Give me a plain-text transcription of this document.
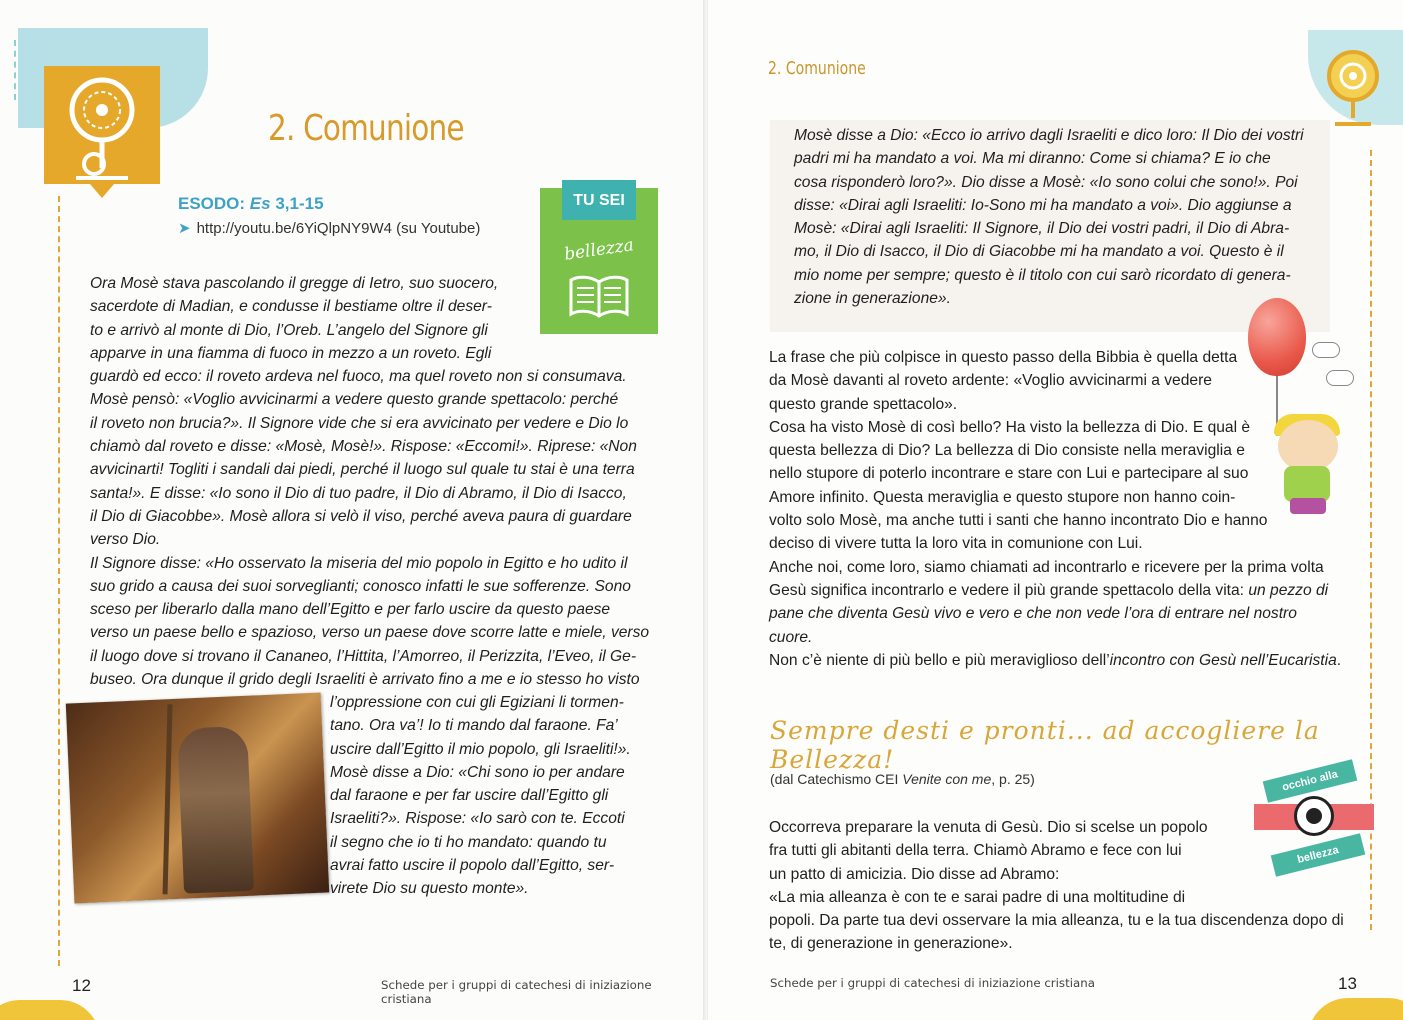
2. Comunione
ESODO: Es 3,1-15
➤ http://youtu.be/6YiQlpNY9W4 (su Youtube)
TU SEI
bellezza

Ora Mosè stava pascolando il gregge di Ietro, suo suocero,

sacerdote di Madian, e condusse il bestiame oltre il deser-

to e arrivò al monte di Dio, l’Oreb. L’angelo del Signore gli

apparve in una fiamma di fuoco in mezzo a un roveto. Egli

guardò ed ecco: il roveto ardeva nel fuoco, ma quel roveto non si consumava.

Mosè pensò: «Voglio avvicinarmi a vedere questo grande spettacolo: perché

il roveto non brucia?». Il Signore vide che si era avvicinato per vedere e Dio lo

chiamò dal roveto e disse: «Mosè, Mosè!». Rispose: «Eccomi!». Riprese: «Non

avvicinarti! Togliti i sandali dai piedi, perché il luogo sul quale tu stai è una terra

santa!». E disse: «Io sono il Dio di tuo padre, il Dio di Abramo, il Dio di Isacco,

il Dio di Giacobbe». Mosè allora si velò il viso, perché aveva paura di guardare

verso Dio.

Il Signore disse: «Ho osservato la miseria del mio popolo in Egitto e ho udito il

suo grido a causa dei suoi sorveglianti; conosco infatti le sue sofferenze. Sono

sceso per liberarlo dalla mano dell’Egitto e per farlo uscire da questo paese

verso un paese bello e spazioso, verso un paese dove scorre latte e miele, verso

il luogo dove si trovano il Cananeo, l’Hittita, l’Amorreo, il Perizzita, l’Eveo, il Ge-

buseo. Ora dunque il grido degli Israeliti è arrivato fino a me e io stesso ho visto

l’oppressione con cui gli Egiziani li tormen-

tano. Ora va’! Io ti mando dal faraone. Fa’

uscire dall’Egitto il mio popolo, gli Israeliti!».

Mosè disse a Dio: «Chi sono io per andare

dal faraone e per far uscire dall’Egitto gli

Israeliti?». Rispose: «Io sarò con te. Eccoti

il segno che io ti ho mandato: quando tu

avrai fatto uscire il popolo dall’Egitto, ser-

virete Dio su questo monte».

12	Schede per i gruppi di catechesi di iniziazione cristiana
2. Comunione

Mosè disse a Dio: «Ecco io arrivo dagli Israeliti e dico loro: Il Dio dei vostri

padri mi ha mandato a voi. Ma mi diranno: Come si chiama? E io che

cosa risponderò loro?». Dio disse a Mosè: «Io sono colui che sono!». Poi

disse: «Dirai agli Israeliti: Io-Sono mi ha mandato a voi». Dio aggiunse a

Mosè: «Dirai agli Israeliti: Il Signore, il Dio dei vostri padri, il Dio di Abra-

mo, il Dio di Isacco, il Dio di Giacobbe mi ha mandato a voi. Questo è il

mio nome per sempre; questo è il titolo con cui sarò ricordato di genera-

zione in generazione».

La frase che più colpisce in questo passo della Bibbia è quella detta

da Mosè davanti al roveto ardente: «Voglio avvicinarmi a vedere

questo grande spettacolo».

Cosa ha visto Mosè di così bello? Ha visto la bellezza di Dio. E qual è

questa bellezza di Dio? La bellezza di Dio consiste nella meraviglia e

nello stupore di poterlo incontrare e stare con Lui e partecipare al suo

Amore infinito. Questa meraviglia e questo stupore non hanno coin-

volto solo Mosè, ma anche tutti i santi che hanno incontrato Dio e hanno

deciso di vivere tutta la loro vita in comunione con Lui.

Anche noi, come loro, siamo chiamati ad incontrarlo e ricevere per la prima volta

Gesù significa incontrarlo e vedere il più grande spettacolo della vita: un pezzo di

pane che diventa Gesù vivo e vero e che non vede l’ora di entrare nel nostro

cuore.

Non c’è niente di più bello e più meraviglioso dell’incontro con Gesù nell’Eucaristia.

Sempre desti e pronti... ad accogliere la Bellezza!
(dal Catechismo CEI Venite con me, p. 25)	occhio alla
bellezza

Occorreva preparare la venuta di Gesù. Dio si scelse un popolo

fra tutti gli abitanti della terra. Chiamò Abramo e fece con lui

un patto di amicizia. Dio disse ad Abramo:

«La mia alleanza è con te e sarai padre di una moltitudine di

popoli. Da parte tua devi osservare la mia alleanza, tu e la tua discendenza dopo di

te, di generazione in generazione».

Schede per i gruppi di catechesi di iniziazione cristiana	13
